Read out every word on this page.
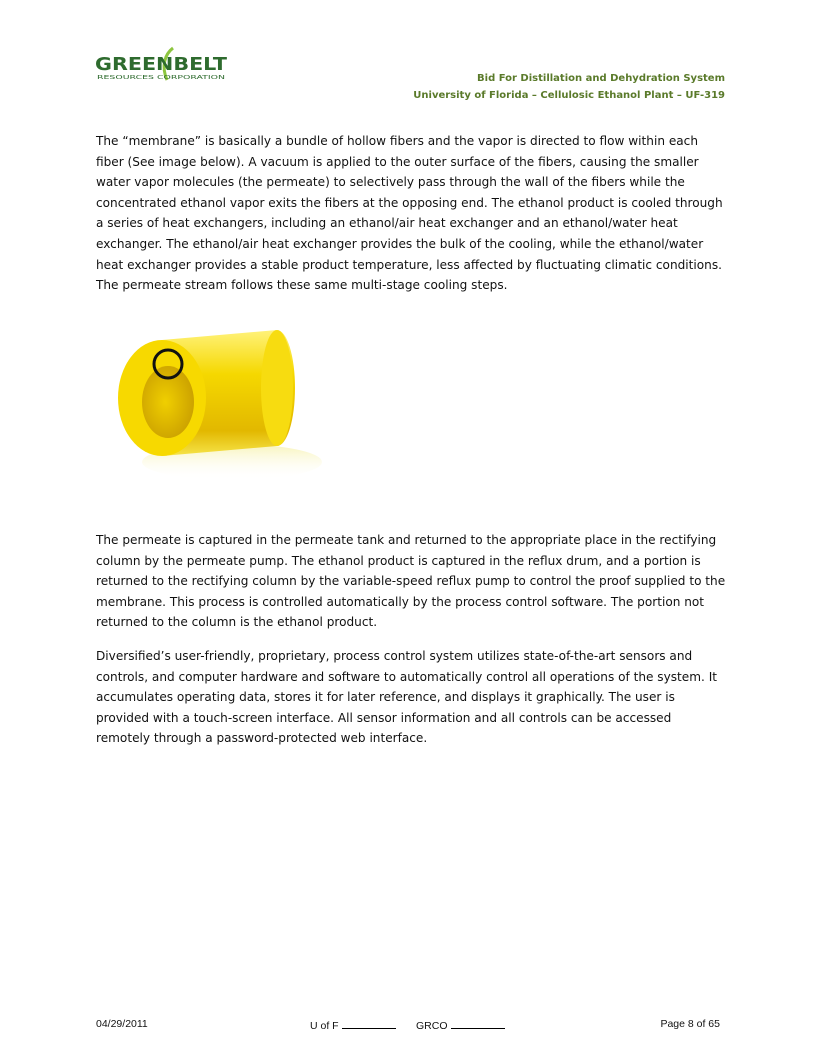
GREENBELT
RESOURCES CORPORATION	Bid For Distillation and Dehydration System
University of Florida – Cellulosic Ethanol Plant – UF-319

The “membrane” is basically a bundle of hollow fibers and the vapor is directed to flow within each fiber (See image below). A vacuum is applied to the outer surface of the fibers, causing the smaller water vapor molecules (the permeate) to selectively pass through the wall of the fibers while the concentrated ethanol vapor exits the fibers at the opposing end. The ethanol product is cooled through a series of heat exchangers, including an ethanol/air heat exchanger and an ethanol/water heat exchanger. The ethanol/air heat exchanger provides the bulk of the cooling, while the ethanol/water heat exchanger provides a stable product temperature, less affected by fluctuating climatic conditions. The permeate stream follows these same multi-stage cooling steps.

The permeate is captured in the permeate tank and returned to the appropriate place in the rectifying column by the permeate pump. The ethanol product is captured in the reflux drum, and a portion is returned to the rectifying column by the variable-speed reflux pump to control the proof supplied to the membrane. This process is controlled automatically by the process control software. The portion not returned to the column is the ethanol product.

Diversified’s user-friendly, proprietary, process control system utilizes state-of-the-art sensors and controls, and computer hardware and software to automatically control all operations of the system. It accumulates operating data, stores it for later reference, and displays it graphically. The user is provided with a touch-screen interface. All sensor information and all controls can be accessed remotely through a password-protected web interface.

04/29/2011	U of F	GRCO	Page 8 of 65
